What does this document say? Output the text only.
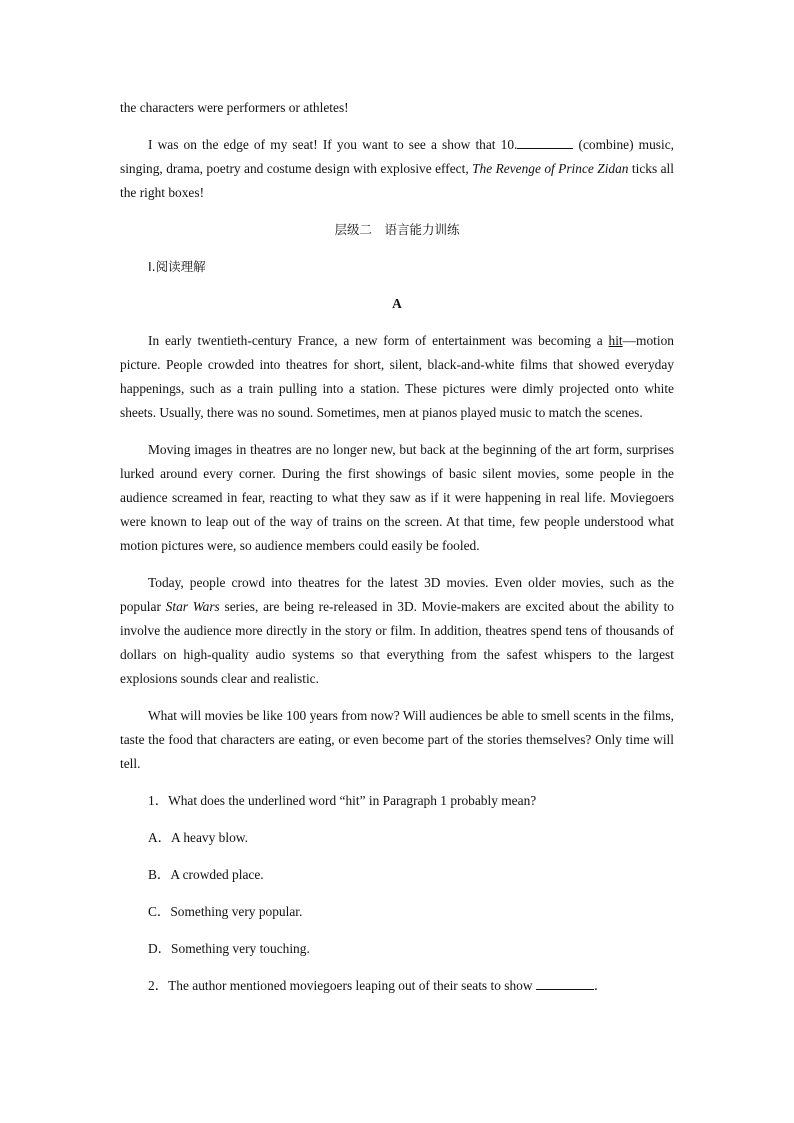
the characters were performers or athletes!

I was on the edge of my seat! If you want to see a show that 10.	(combine) music, singing, drama, poetry and costume design with explosive effect, The Revenge of Prince Zidan ticks all the right boxes!

层级二　语言能力训练

Ⅰ.阅读理解

A

In early twentieth-century France, a new form of entertainment was becoming a hit—motion picture. People crowded into theatres for short, silent, black-and-white films that showed everyday happenings, such as a train pulling into a station. These pictures were dimly projected onto white sheets. Usually, there was no sound. Sometimes, men at pianos played music to match the scenes.

Moving images in theatres are no longer new, but back at the beginning of the art form, surprises lurked around every corner. During the first showings of basic silent movies, some people in the audience screamed in fear, reacting to what they saw as if it were happening in real life. Moviegoers were known to leap out of the way of trains on the screen. At that time, few people understood what motion pictures were, so audience members could easily be fooled.

Today, people crowd into theatres for the latest 3D movies. Even older movies, such as the popular Star Wars series, are being re-released in 3D. Movie-makers are excited about the ability to involve the audience more directly in the story or film. In addition, theatres spend tens of thousands of dollars on high-quality audio systems so that everything from the safest whispers to the largest explosions sounds clear and realistic.

What will movies be like 100 years from now? Will audiences be able to smell scents in the films, taste the food that characters are eating, or even become part of the stories themselves? Only time will tell.

1．What does the underlined word “hit” in Paragraph 1 probably mean?

A．A heavy blow.

B．A crowded place.

C．Something very popular.

D．Something very touching.

2．The author mentioned moviegoers leaping out of their seats to show	．
